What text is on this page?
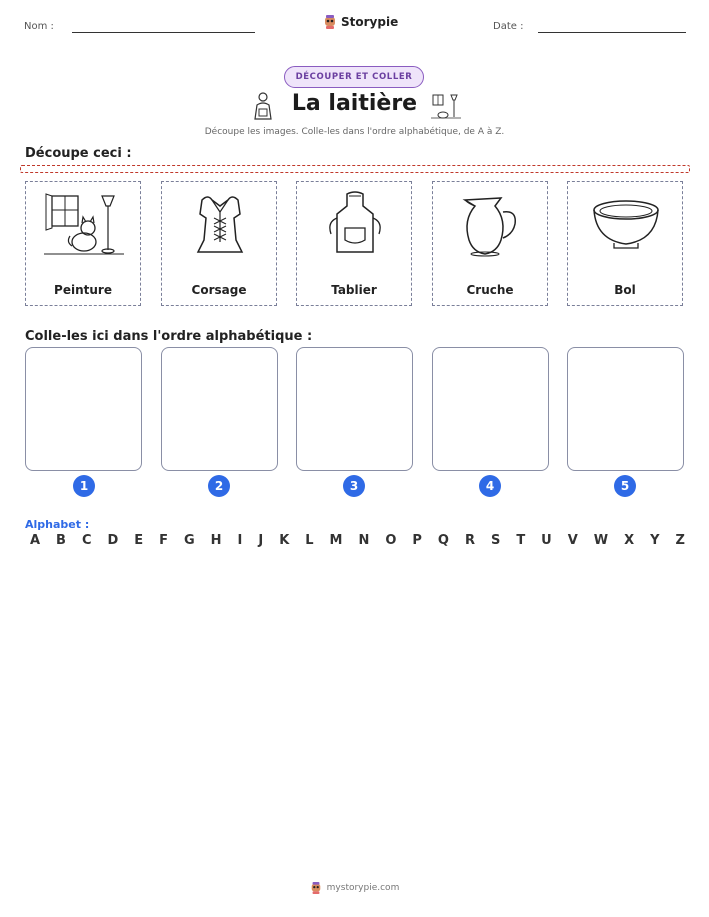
Nom :	Storypie	Date :
DÉCOUPER ET COLLER
La laitière
Découpe les images. Colle-les dans l'ordre alphabétique, de A à Z.
Découpe ceci :
Peinture	Corsage	Tablier	Cruche	Bol
Colle-les ici dans l'ordre alphabétique :
1	2	3	4	5
Alphabet :
A B C D E F G H I J K L M N O P Q R S T U V W X Y Z
mystorypie.com
